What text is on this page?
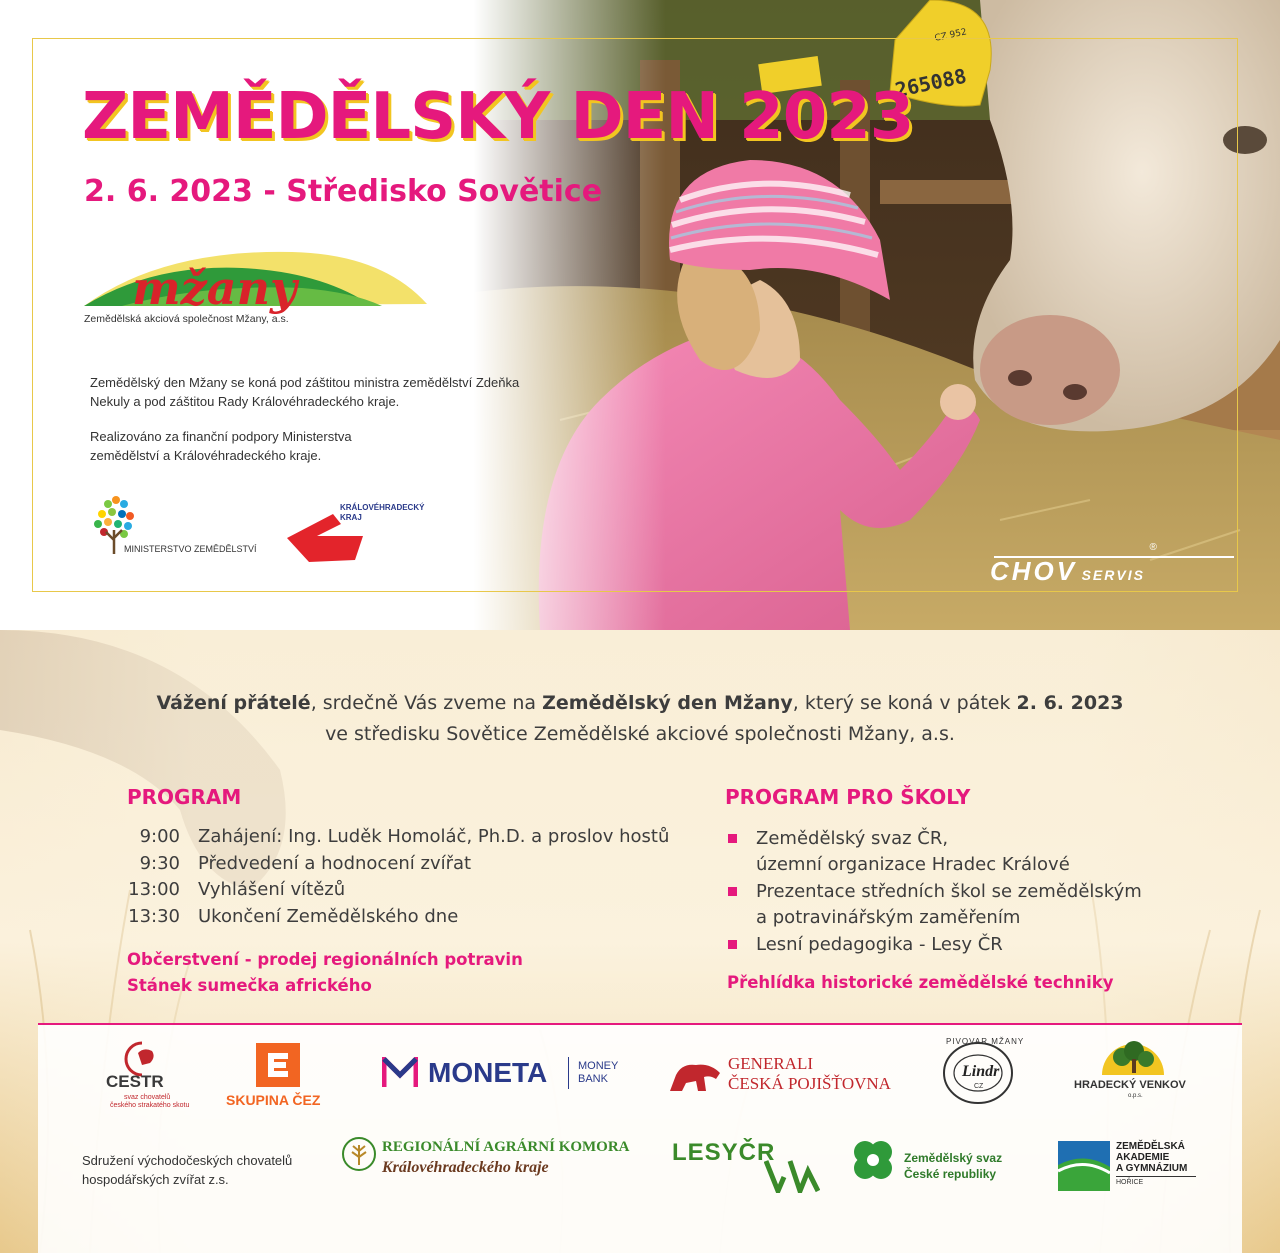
ZEMĚDĚLSKÝ DEN 2023
2. 6. 2023 - Středisko Sovětice
mžany
Zemědělská akciová společnost Mžany, a.s.

Zemědělský den Mžany se koná pod záštitou ministra zemědělství Zdeňka Nekuly a pod záštitou Rady Královéhradeckého kraje.

Realizováno za finanční podpory Ministerstva zemědělství a Královéhradeckého kraje.

MINISTERSTVO ZEMĚDĚLSTVÍ
KRÁLOVÉHRADECKÝ
KRAJ
CHOV SERVIS ®

Vážení přátelé, srdečně Vás zveme na Zemědělský den Mžany, který se koná v pátek 2. 6. 2023
ve středisku Sovětice Zemědělské akciové společnosti Mžany, a.s.

PROGRAM	PROGRAM PRO ŠKOLY
9:00 Zahájení: Ing. Luděk Homoláč, Ph.D. a proslov hostů
9:30 Předvedení a hodnocení zvířat
13:00 Vyhlášení vítězů
13:30 Ukončení Zemědělského dne

Občerstvení - prodej regionálních potravin

Stánek sumečka afrického

Zemědělský svaz ČR,
územní organizace Hradec Králové
Prezentace středních škol se zemědělským
a potravinářským zaměřením
Lesní pedagogika - Lesy ČR

Přehlídka historické zemědělské techniky

CESTR
svaz chovatelů
českého strakatého skotu	SKUPINA ČEZ
MONETA	MONEY
BANK
GENERALI
ČESKÁ POJIŠŤOVNA
PIVOVAR MŽANY
Lindr
CZ	HRADECKÝ VENKOV
o.p.s.
Sdružení východočeských chovatelů
hospodářských zvířat z.s.
REGIONÁLNÍ AGRÁRNÍ KOMORA
Královéhradeckého kraje
LESYČR	Zemědělský svaz
České republiky
ZEMĚDĚLSKÁ
AKADEMIE
A GYMNÁZIUM
HOŘICE
